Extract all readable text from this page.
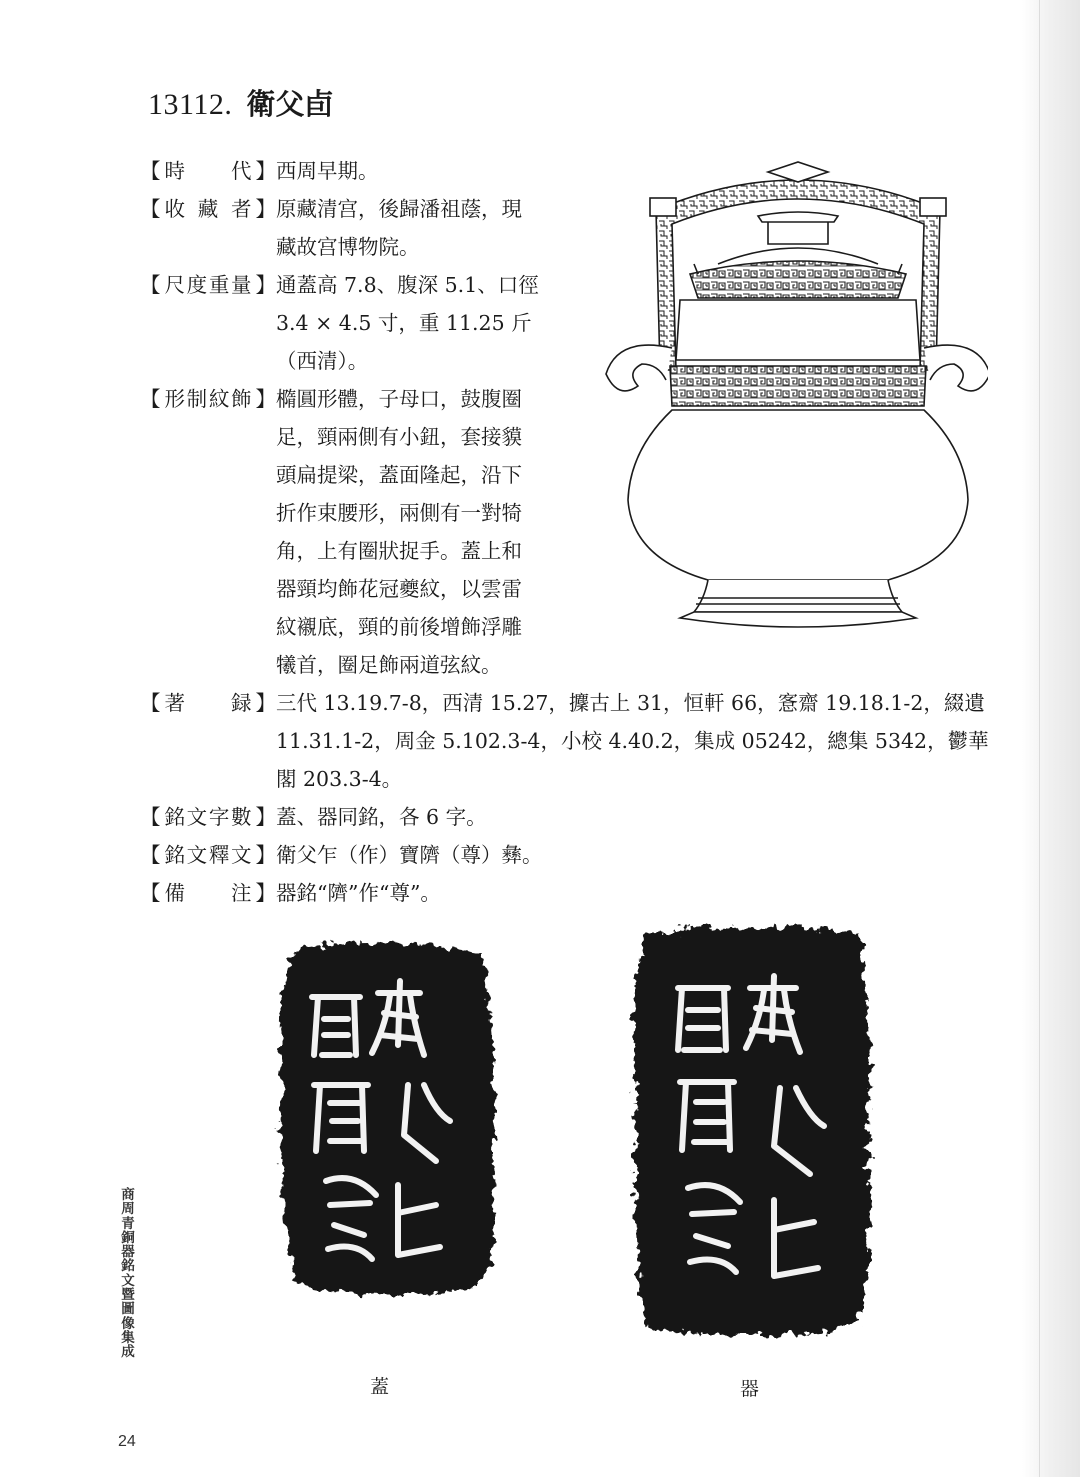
13112. 衛父卣
【 時 代 】 西周早期。
【 收 藏 者 】 原藏清宫，後歸潘祖蔭，現
藏故宫博物院。
【 尺 度 重 量 】 通蓋高 7.8、腹深 5.1、口徑
3.4 × 4.5 寸，重 11.25 斤
（西清）。
【 形 制 紋 飾 】 橢圓形體，子母口，鼓腹圈
足，頸兩側有小鈕，套接貘
頭扁提梁，蓋面隆起，沿下
折作束腰形，兩側有一對犄
角，上有圈狀捉手。蓋上和
器頸均飾花冠夔紋，以雲雷
紋襯底，頸的前後增飾浮雕
犧首，圈足飾兩道弦紋。
【 著 録 】 三代 13.19.7-8，西清 15.27，攈古上 31，恒軒 66，愙齋 19.18.1-2，綴遺
11.31.1-2，周金 5.102.3-4，小校 4.40.2，集成 05242，總集 5342，鬱華
閣 203.3-4。
【 銘 文 字 數 】 蓋、器同銘，各 6 字。
【 銘 文 釋 文 】 衛父乍（作）寶隮（尊）彝。
【 備 注 】 器銘“隮”作“尊”。
蓋	器
商周青銅器銘文暨圖像集成
24
